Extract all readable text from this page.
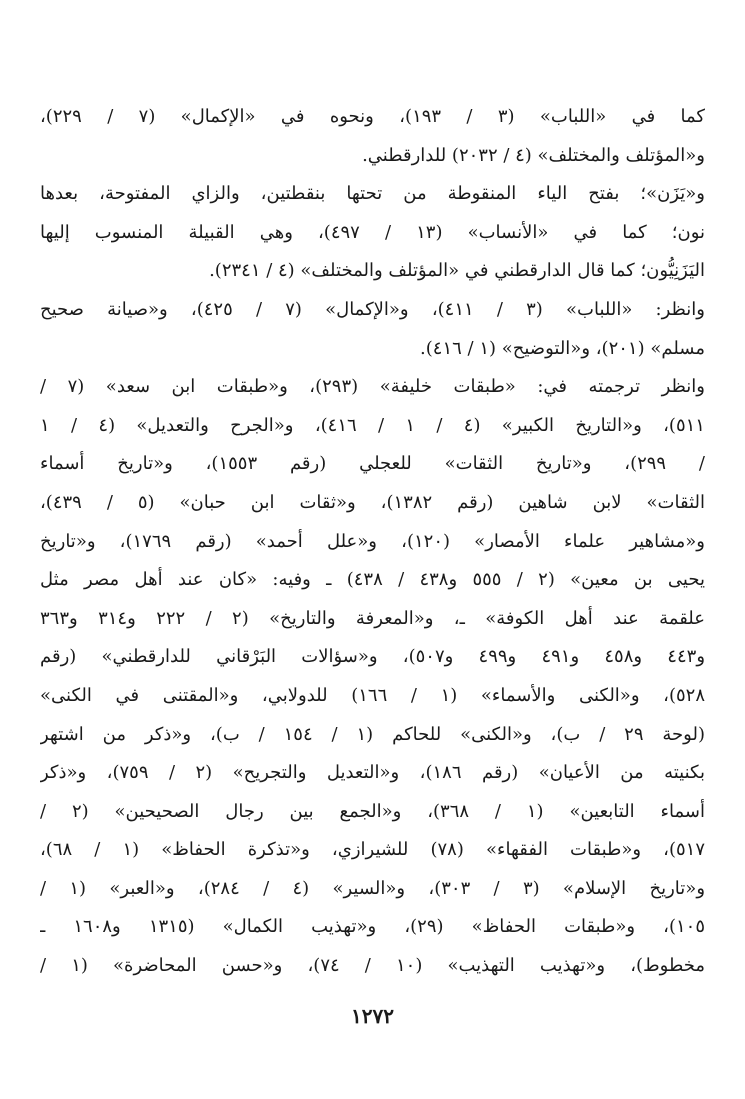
كما في «اللباب» (٣ / ١٩٣)، ونحوه في «الإكمال» (٧ / ٢٢٩)،
و«المؤتلف والمختلف» (٤ / ٢٠٣٢) للدارقطني.
و«يَزَن»؛ بفتح الياء المنقوطة من تحتها بنقطتين، والزاي المفتوحة، بعدها
نون؛ كما في «الأنساب» (١٣ / ٤٩٧)، وهي القبيلة المنسوب إليها
اليَزَنِيُّون؛ كما قال الدارقطني في «المؤتلف والمختلف» (٤ / ٢٣٤١).
وانظر: «اللباب» (٣ / ٤١١)، و«الإكمال» (٧ / ٤٢٥)، و«صيانة صحيح
مسلم» (٢٠١)، و«التوضيح» (١ / ٤١٦).
وانظر ترجمته في: «طبقات خليفة» (٢٩٣)، و«طبقات ابن سعد» (٧ /
٥١١)، و«التاريخ الكبير» (٤ / ١ / ٤١٦)، و«الجرح والتعديل» (٤ / ١
/ ٢٩٩)، و«تاريخ الثقات» للعجلي (رقم ١٥٥٣)، و«تاريخ أسماء
الثقات» لابن شاهين (رقم ١٣٨٢)، و«ثقات ابن حبان» (٥ / ٤٣٩)،
و«مشاهير علماء الأمصار» (١٢٠)، و«علل أحمد» (رقم ١٧٦٩)، و«تاريخ
يحيى بن معين» (٢ / ٥٥٥ و٤٣٨ / ٤٣٨) ـ وفيه: «كان عند أهل مصر مثل
علقمة عند أهل الكوفة» ـ، و«المعرفة والتاريخ» (٢ / ٢٢٢ و٣١٤ و٣٦٣
و٤٤٣ و٤٥٨ و٤٩١ و٤٩٩ و٥٠٧)، و«سؤالات البَرْقاني للدارقطني» (رقم
٥٢٨)، و«الكنى والأسماء» (١ / ١٦٦) للدولابي، و«المقتنى في الكنى»
(لوحة ٢٩ / ب)، و«الكنى» للحاكم (١ / ١٥٤ / ب)، و«ذكر من اشتهر
بكنيته من الأعيان» (رقم ١٨٦)، و«التعديل والتجريح» (٢ / ٧٥٩)، و«ذكر
أسماء التابعين» (١ / ٣٦٨)، و«الجمع بين رجال الصحيحين» (٢ /
٥١٧)، و«طبقات الفقهاء» (٧٨) للشيرازي، و«تذكرة الحفاظ» (١ / ٦٨)،
و«تاريخ الإسلام» (٣ / ٣٠٣)، و«السير» (٤ / ٢٨٤)، و«العبر» (١ /
١٠٥)، و«طبقات الحفاظ» (٢٩)، و«تهذيب الكمال» (١٣١٥ و١٦٠٨ ـ
مخطوط)، و«تهذيب التهذيب» (١٠ / ٧٤)، و«حسن المحاضرة» (١ /
١٢٧٢
